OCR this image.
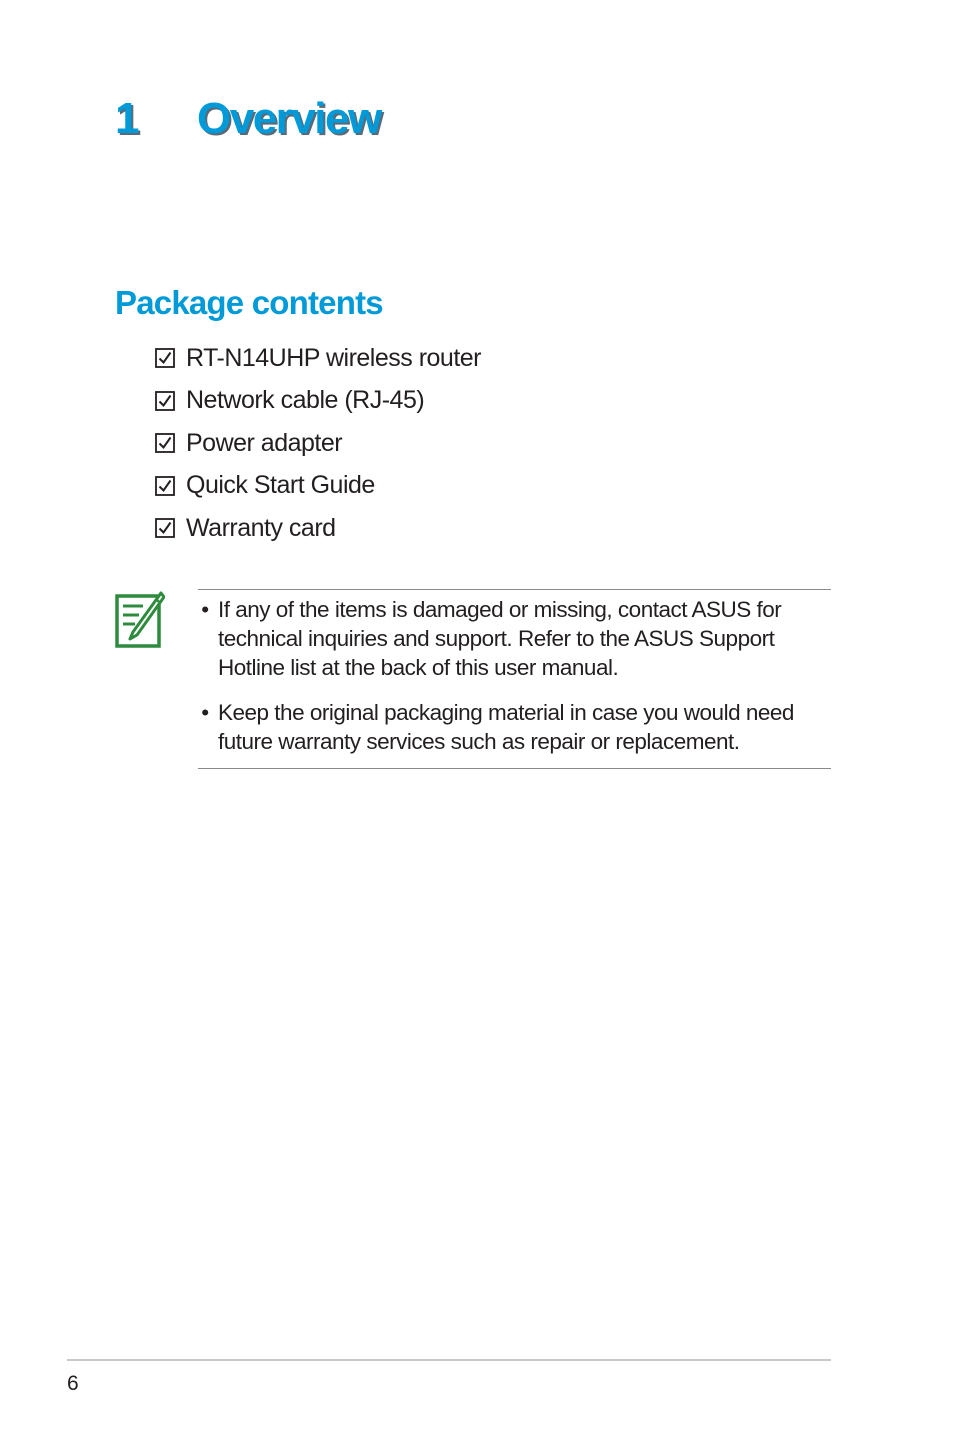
1 Overview
Package contents
RT-N14UHP wireless router
Network cable (RJ-45)
Power adapter
Quick Start Guide
Warranty card
• If any of the items is damaged or missing, contact ASUS for technical inquiries and support. Refer to the ASUS Support Hotline list at the back of this user manual.
• Keep the original packaging material in case you would need future warranty services such as repair or replacement.
6
